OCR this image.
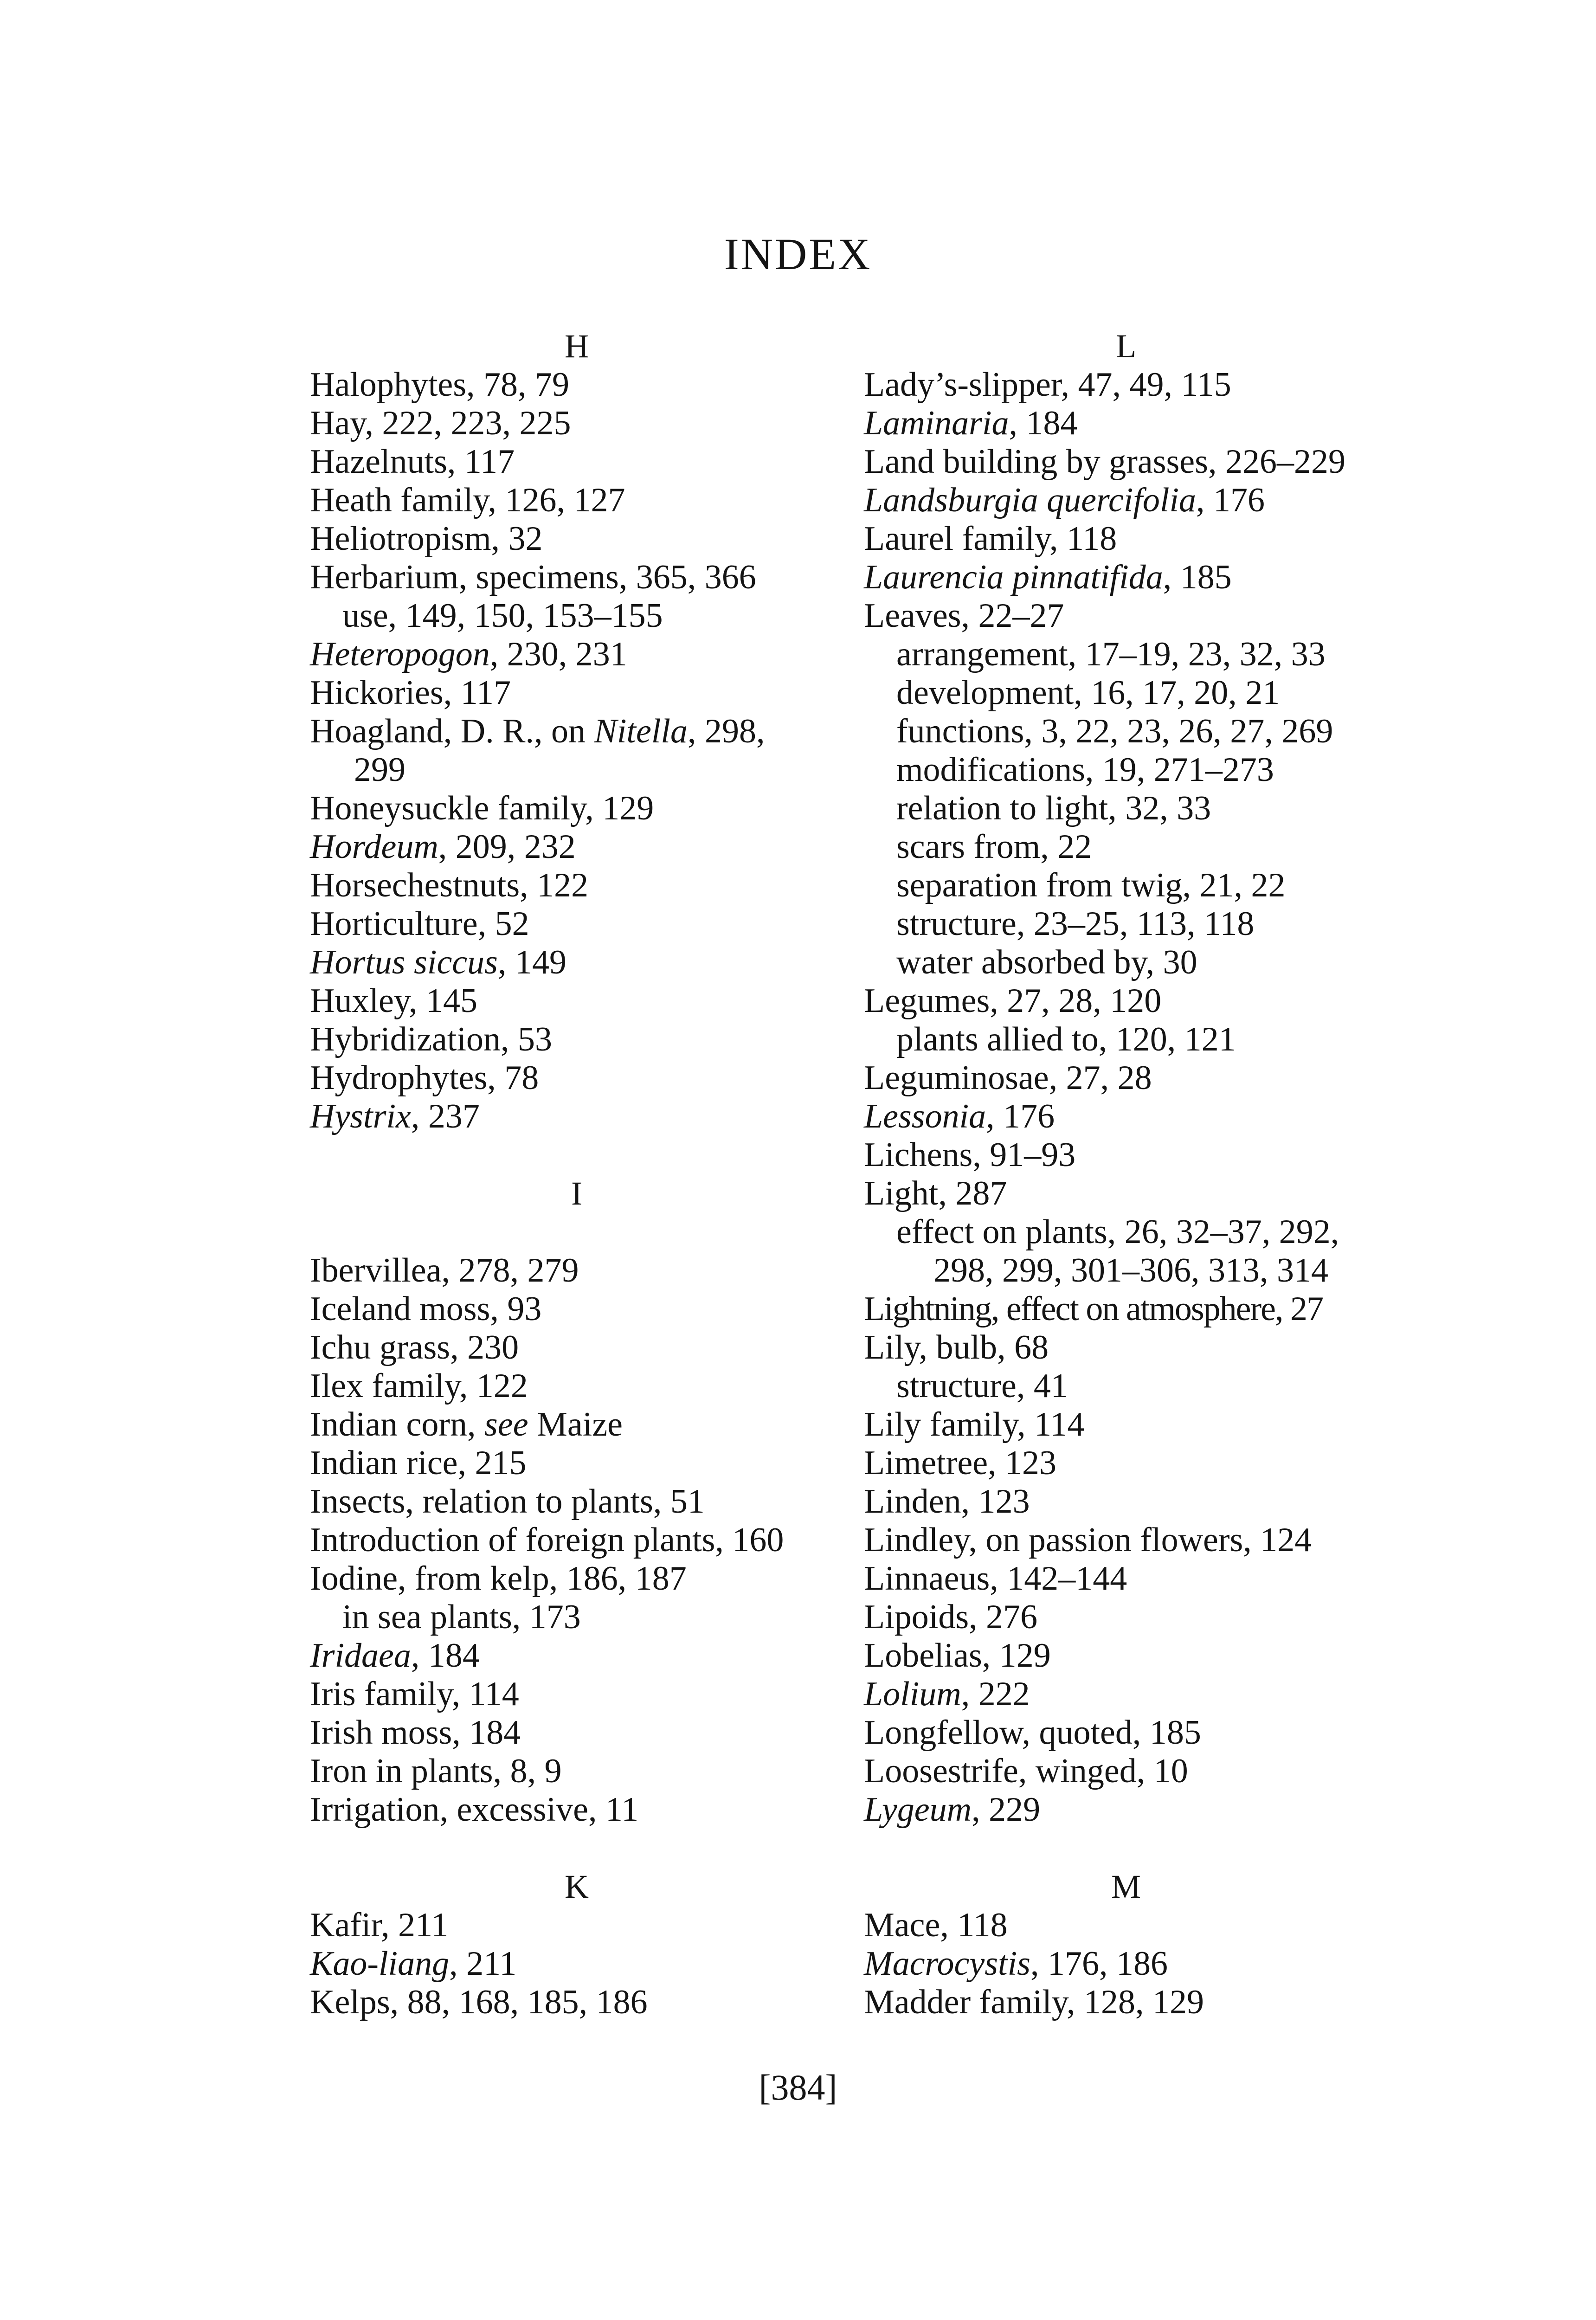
INDEX
H
Halophytes, 78, 79
Hay, 222, 223, 225
Hazelnuts, 117
Heath family, 126, 127
Heliotropism, 32
Herbarium, specimens, 365, 366
use, 149, 150, 153–155
Heteropogon, 230, 231
Hickories, 117
Hoagland, D. R., on Nitella, 298,
299
Honeysuckle family, 129
Hordeum, 209, 232
Horsechestnuts, 122
Horticulture, 52
Hortus siccus, 149
Huxley, 145
Hybridization, 53
Hydrophytes, 78
Hystrix, 237
I
Ibervillea, 278, 279
Iceland moss, 93
Ichu grass, 230
Ilex family, 122
Indian corn, see Maize
Indian rice, 215
Insects, relation to plants, 51
Introduction of foreign plants, 160
Iodine, from kelp, 186, 187
in sea plants, 173
Iridaea, 184
Iris family, 114
Irish moss, 184
Iron in plants, 8, 9
Irrigation, excessive, 11
K
Kafir, 211
Kao-liang, 211
Kelps, 88, 168, 185, 186
L
Lady’s-slipper, 47, 49, 115
Laminaria, 184
Land building by grasses, 226–229
Landsburgia quercifolia, 176
Laurel family, 118
Laurencia pinnatifida, 185
Leaves, 22–27
arrangement, 17–19, 23, 32, 33
development, 16, 17, 20, 21
functions, 3, 22, 23, 26, 27, 269
modifications, 19, 271–273
relation to light, 32, 33
scars from, 22
separation from twig, 21, 22
structure, 23–25, 113, 118
water absorbed by, 30
Legumes, 27, 28, 120
plants allied to, 120, 121
Leguminosae, 27, 28
Lessonia, 176
Lichens, 91–93
Light, 287
effect on plants, 26, 32–37, 292,
298, 299, 301–306, 313, 314
Lightning, effect on atmosphere, 27
Lily, bulb, 68
structure, 41
Lily family, 114
Limetree, 123
Linden, 123
Lindley, on passion flowers, 124
Linnaeus, 142–144
Lipoids, 276
Lobelias, 129
Lolium, 222
Longfellow, quoted, 185
Loosestrife, winged, 10
Lygeum, 229
M
Mace, 118
Macrocystis, 176, 186
Madder family, 128, 129
[384]
